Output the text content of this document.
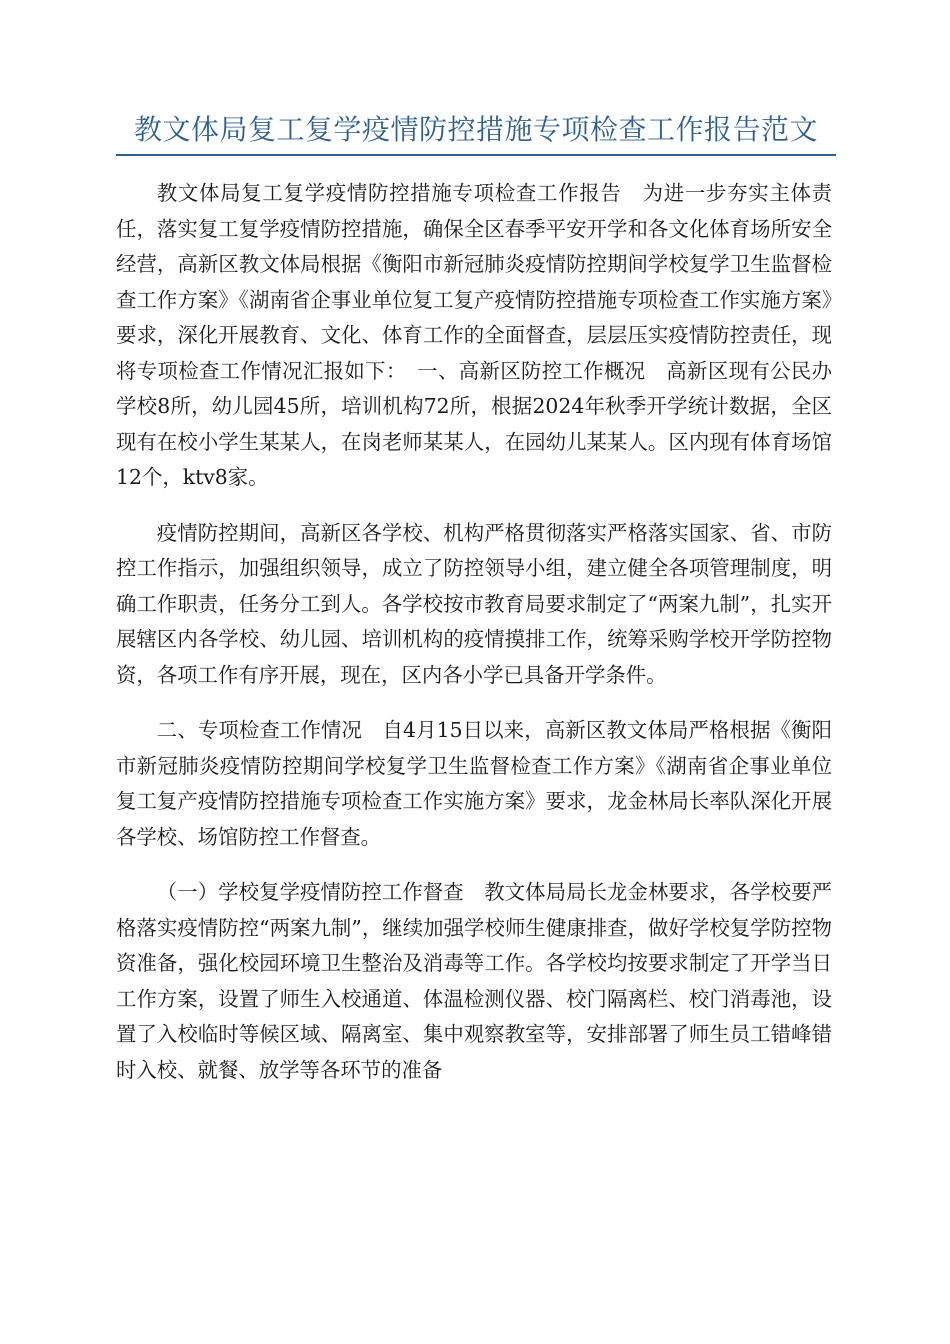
教文体局复工复学疫情防控措施专项检查工作报告范文

教文体局复工复学疫情防控措施专项检查工作报告　为进一步夯实主体责任，落实复工复学疫情防控措施，确保全区春季平安开学和各文化体育场所安全经营，高新区教文体局根据《衡阳市新冠肺炎疫情防控期间学校复学卫生监督检查工作方案》《湖南省企事业单位复工复产疫情防控措施专项检查工作实施方案》要求，深化开展教育、文化、体育工作的全面督查，层层压实疫情防控责任，现将专项检查工作情况汇报如下：　一、高新区防控工作概况　高新区现有公民办学校8所，幼儿园45所，培训机构72所，根据2024年秋季开学统计数据，全区现有在校小学生某某人，在岗老师某某人，在园幼儿某某人。区内现有体育场馆12个，ktv8家。

疫情防控期间，高新区各学校、机构严格贯彻落实严格落实国家、省、市防控工作指示，加强组织领导，成立了防控领导小组，建立健全各项管理制度，明确工作职责，任务分工到人。各学校按市教育局要求制定了“两案九制”，扎实开展辖区内各学校、幼儿园、培训机构的疫情摸排工作，统筹采购学校开学防控物资，各项工作有序开展，现在，区内各小学已具备开学条件。

二、专项检查工作情况　自4月15日以来，高新区教文体局严格根据《衡阳市新冠肺炎疫情防控期间学校复学卫生监督检查工作方案》《湖南省企事业单位复工复产疫情防控措施专项检查工作实施方案》要求，龙金林局长率队深化开展各学校、场馆防控工作督查。

（一）学校复学疫情防控工作督查　教文体局局长龙金林要求，各学校要严格落实疫情防控“两案九制”，继续加强学校师生健康排查，做好学校复学防控物资准备，强化校园环境卫生整治及消毒等工作。各学校均按要求制定了开学当日工作方案，设置了师生入校通道、体温检测仪器、校门隔离栏、校门消毒池，设置了入校临时等候区域、隔离室、集中观察教室等，安排部署了师生员工错峰错时入校、就餐、放学等各环节的准备
